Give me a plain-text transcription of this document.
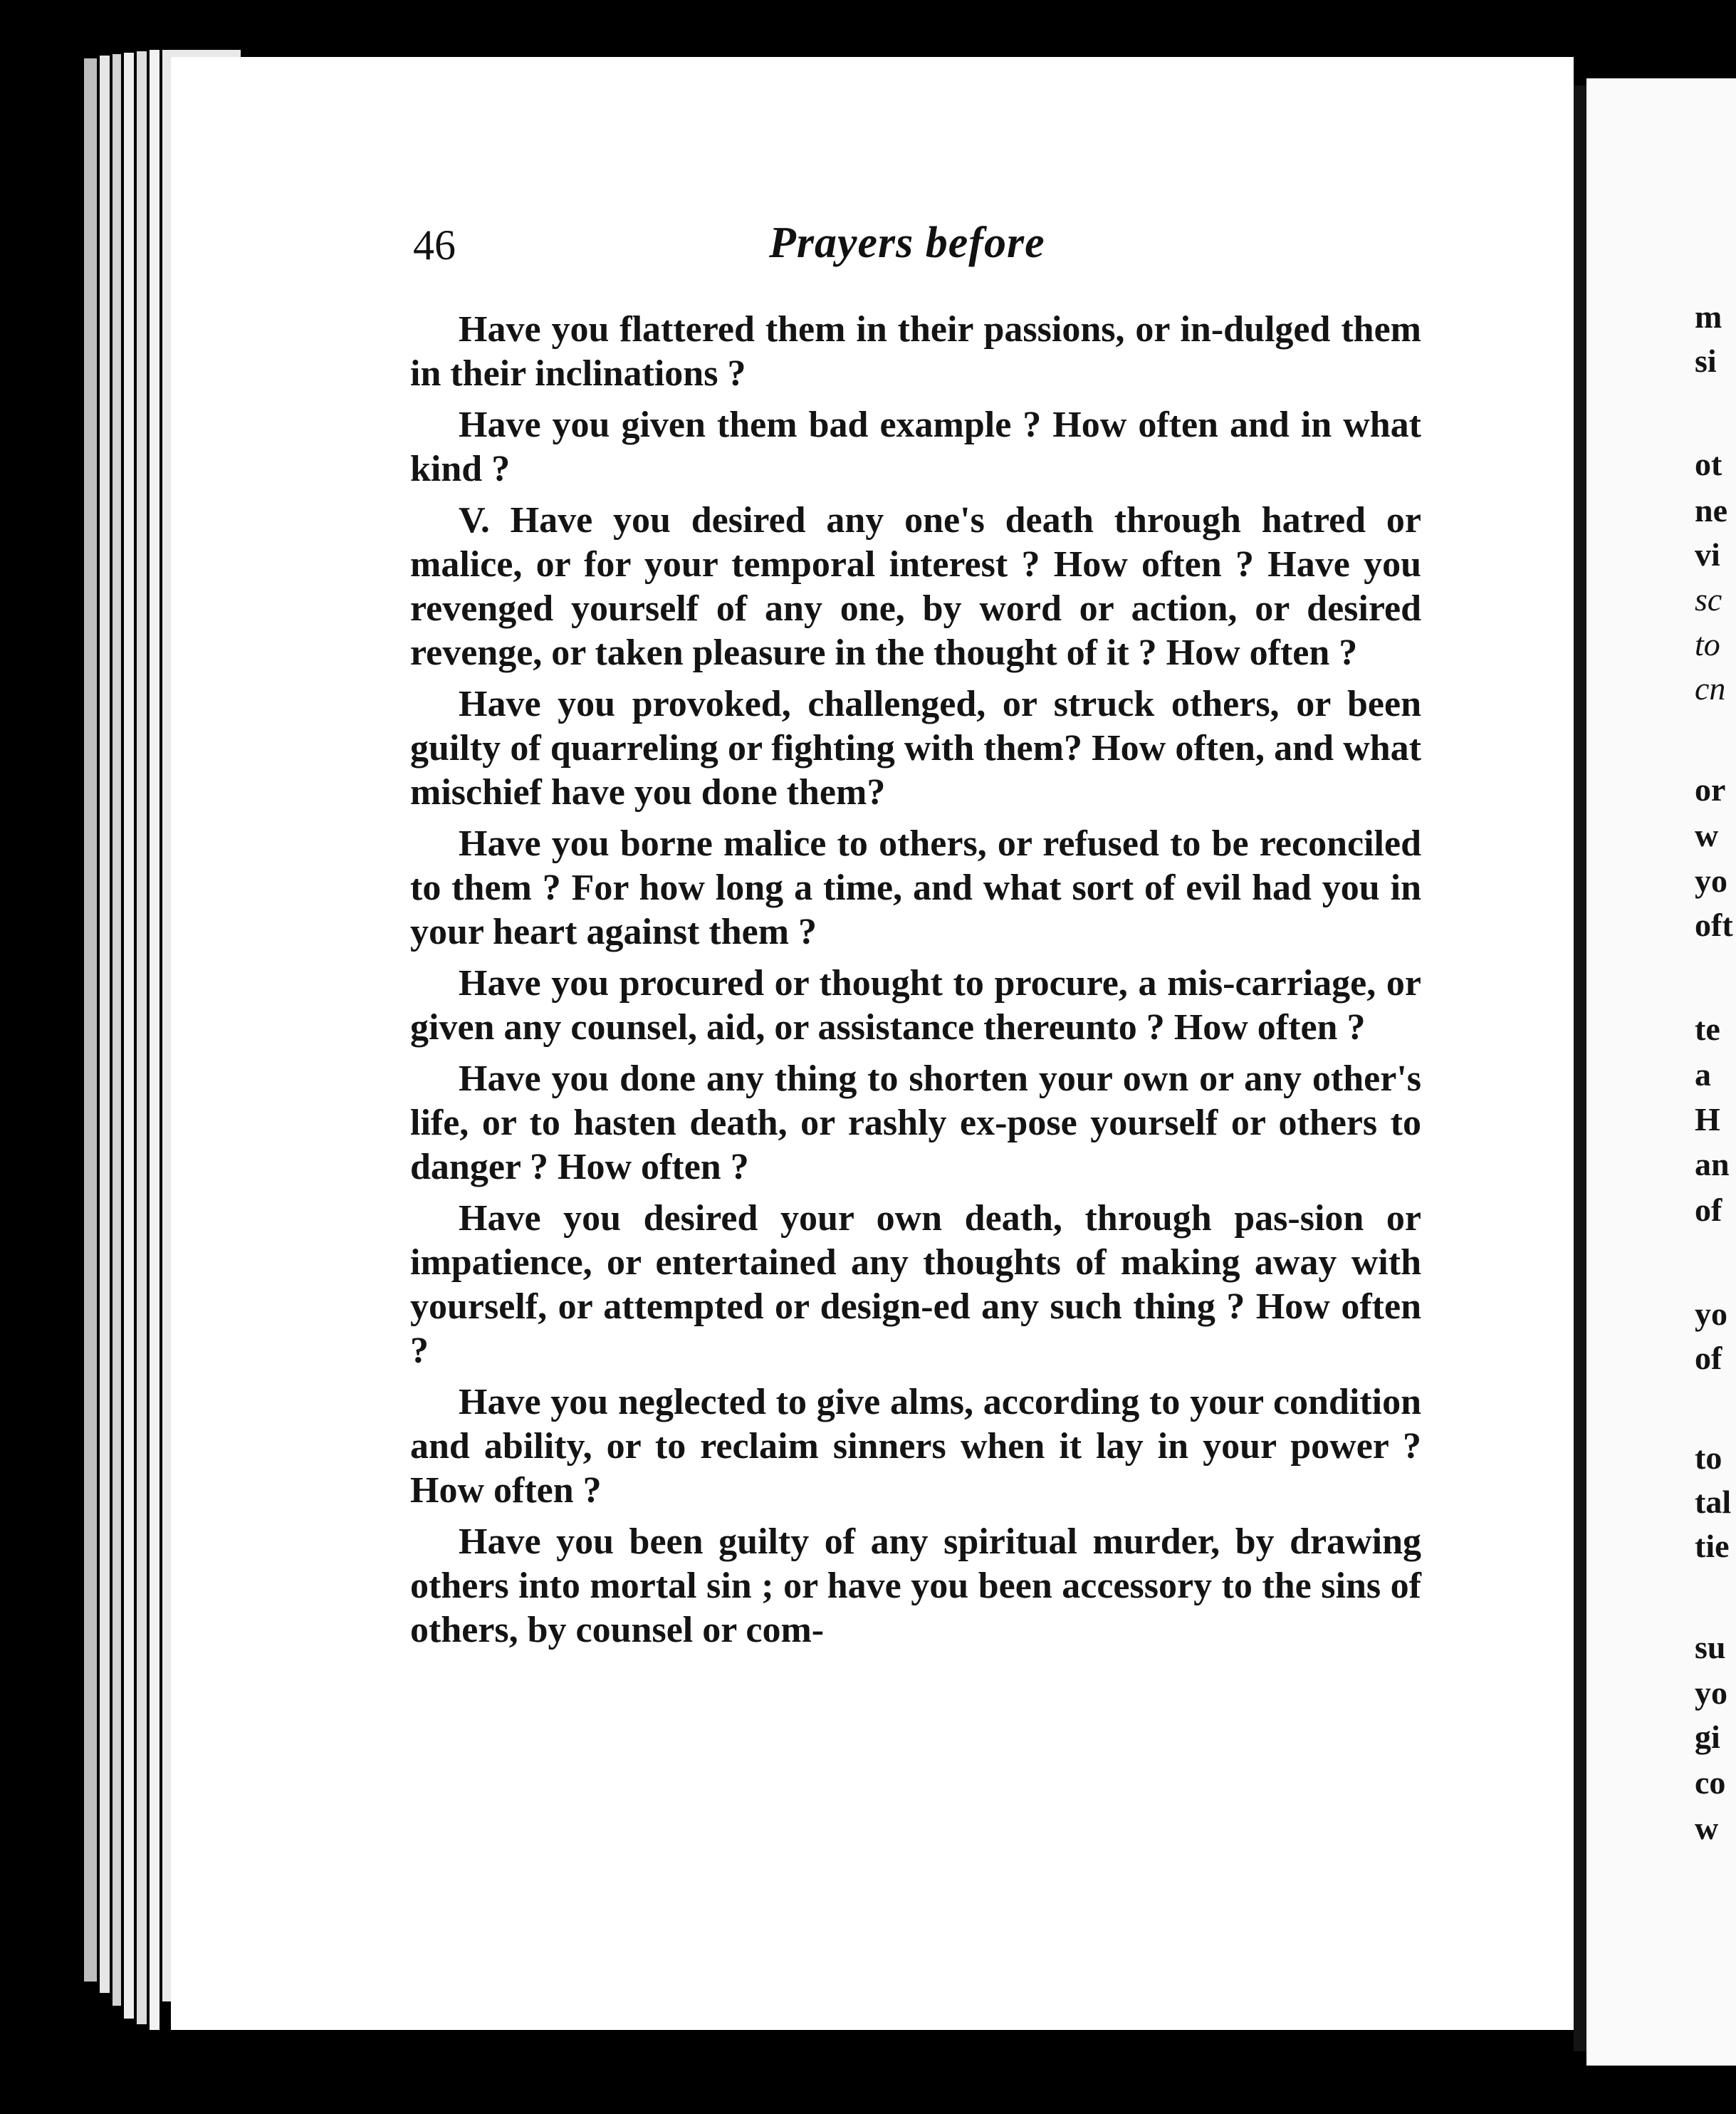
46	Prayers before

Have you flattered them in their passions, or in-dulged them in their inclinations ?

Have you given them bad example ? How often and in what kind ?

V. Have you desired any one's death through hatred or malice, or for your temporal interest ? How often ? Have you revenged yourself of any one, by word or action, or desired revenge, or taken pleasure in the thought of it ? How often ?

Have you provoked, challenged, or struck others, or been guilty of quarreling or fighting with them? How often, and what mischief have you done them?

Have you borne malice to others, or refused to be reconciled to them ? For how long a time, and what sort of evil had you in your heart against them ?

Have you procured or thought to procure, a mis-carriage, or given any counsel, aid, or assistance thereunto ? How often ?

Have you done any thing to shorten your own or any other's life, or to hasten death, or rashly ex-pose yourself or others to danger ? How often ?

Have you desired your own death, through pas-sion or impatience, or entertained any thoughts of making away with yourself, or attempted or design-ed any such thing ? How often ?

Have you neglected to give alms, according to your condition and ability, or to reclaim sinners when it lay in your power ? How often ?

Have you been guilty of any spiritual murder, by drawing others into mortal sin ; or have you been accessory to the sins of others, by counsel or com-

m
si
ot
ne
vi
sc
to
cn
or
w
yo
oft
te
a
H
an
of
yo
of
to
tal
tie
su
yo
gi
co
w
